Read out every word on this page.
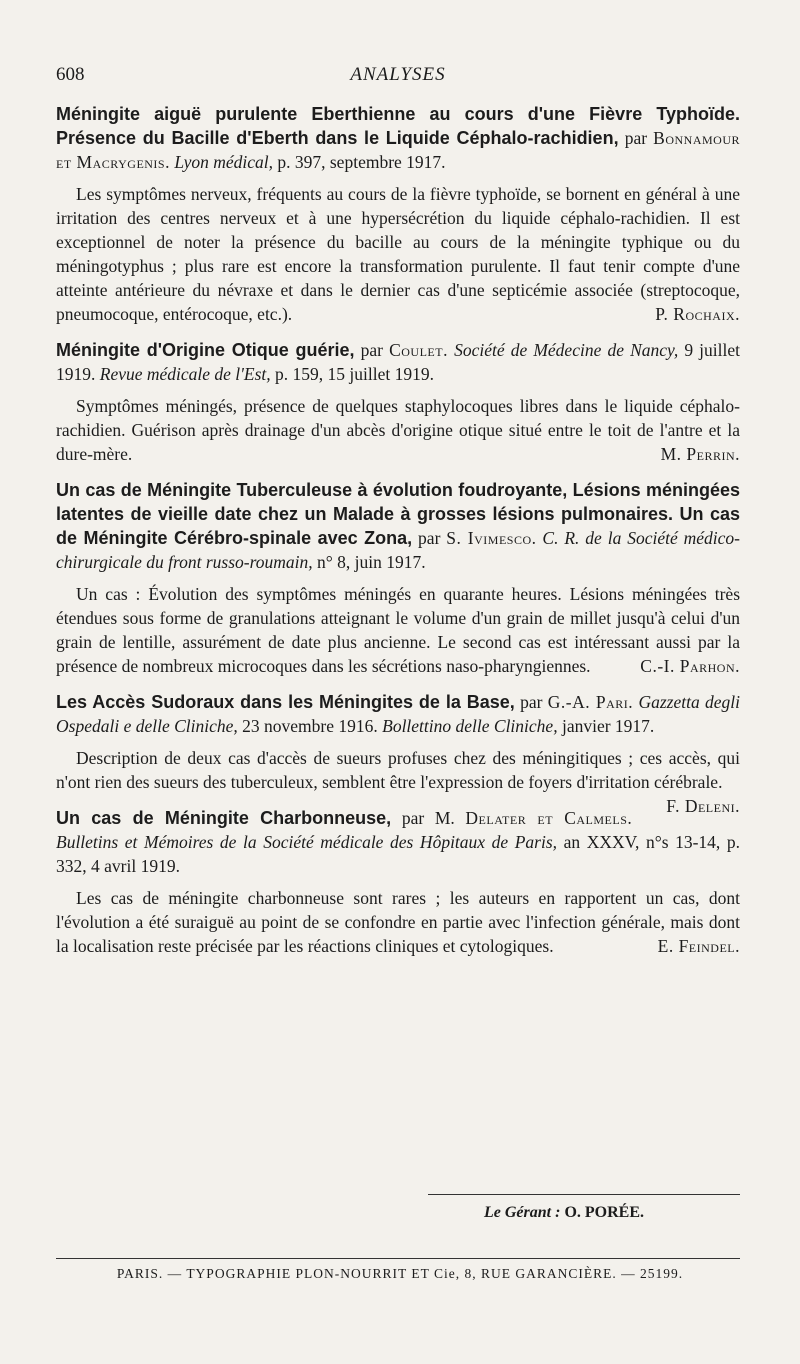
608	ANALYSES

Méningite aiguë purulente Eberthienne au cours d'une Fièvre Typhoïde. Présence du Bacille d'Eberth dans le Liquide Céphalo-rachidien, par Bonnamour et Macrygenis. Lyon médical, p. 397, septembre 1917.

Les symptômes nerveux, fréquents au cours de la fièvre typhoïde, se bornent en général à une irritation des centres nerveux et à une hypersécrétion du liquide céphalo-rachidien. Il est exceptionnel de noter la présence du bacille au cours de la méningite typhique ou du méningotyphus ; plus rare est encore la transformation purulente. Il faut tenir compte d'une atteinte antérieure du névraxe et dans le dernier cas d'une septicémie associée (streptocoque, pneumocoque, entérocoque, etc.).	P. Rochaix.

Méningite d'Origine Otique guérie, par Coulet. Société de Médecine de Nancy, 9 juillet 1919. Revue médicale de l'Est, p. 159, 15 juillet 1919.

Symptômes méningés, présence de quelques staphylocoques libres dans le liquide céphalo-rachidien. Guérison après drainage d'un abcès d'origine otique situé entre le toit de l'antre et la dure-mère.	M. Perrin.

Un cas de Méningite Tuberculeuse à évolution foudroyante, Lésions méningées latentes de vieille date chez un Malade à grosses lésions pulmonaires. Un cas de Méningite Cérébro-spinale avec Zona, par S. Ivimesco. C. R. de la Société médico-chirurgicale du front russo-roumain, n° 8, juin 1917.

Un cas : Évolution des symptômes méningés en quarante heures. Lésions méningées très étendues sous forme de granulations atteignant le volume d'un grain de millet jusqu'à celui d'un grain de lentille, assurément de date plus ancienne. Le second cas est intéressant aussi par la présence de nombreux microcoques dans les sécrétions naso-pharyngiennes.	C.-I. Parhon.

Les Accès Sudoraux dans les Méningites de la Base, par G.-A. Pari. Gazzetta degli Ospedali e delle Cliniche, 23 novembre 1916. Bollettino delle Cliniche, janvier 1917.

Description de deux cas d'accès de sueurs profuses chez des méningitiques ; ces accès, qui n'ont rien des sueurs des tuberculeux, semblent être l'expression de foyers d'irritation cérébrale.
F. Deleni.

Un cas de Méningite Charbonneuse, par M. Delater et Calmels. Bulletins et Mémoires de la Société médicale des Hôpitaux de Paris, an XXXV, n°s 13-14, p. 332, 4 avril 1919.

Les cas de méningite charbonneuse sont rares ; les auteurs en rapportent un cas, dont l'évolution a été suraiguë au point de se confondre en partie avec l'infection générale, mais dont la localisation reste précisée par les réactions cliniques et cytologiques.	E. Feindel.

Le Gérant : O. PORÉE.
PARIS. — TYPOGRAPHIE PLON-NOURRIT ET Cie, 8, RUE GARANCIÈRE. — 25199.
